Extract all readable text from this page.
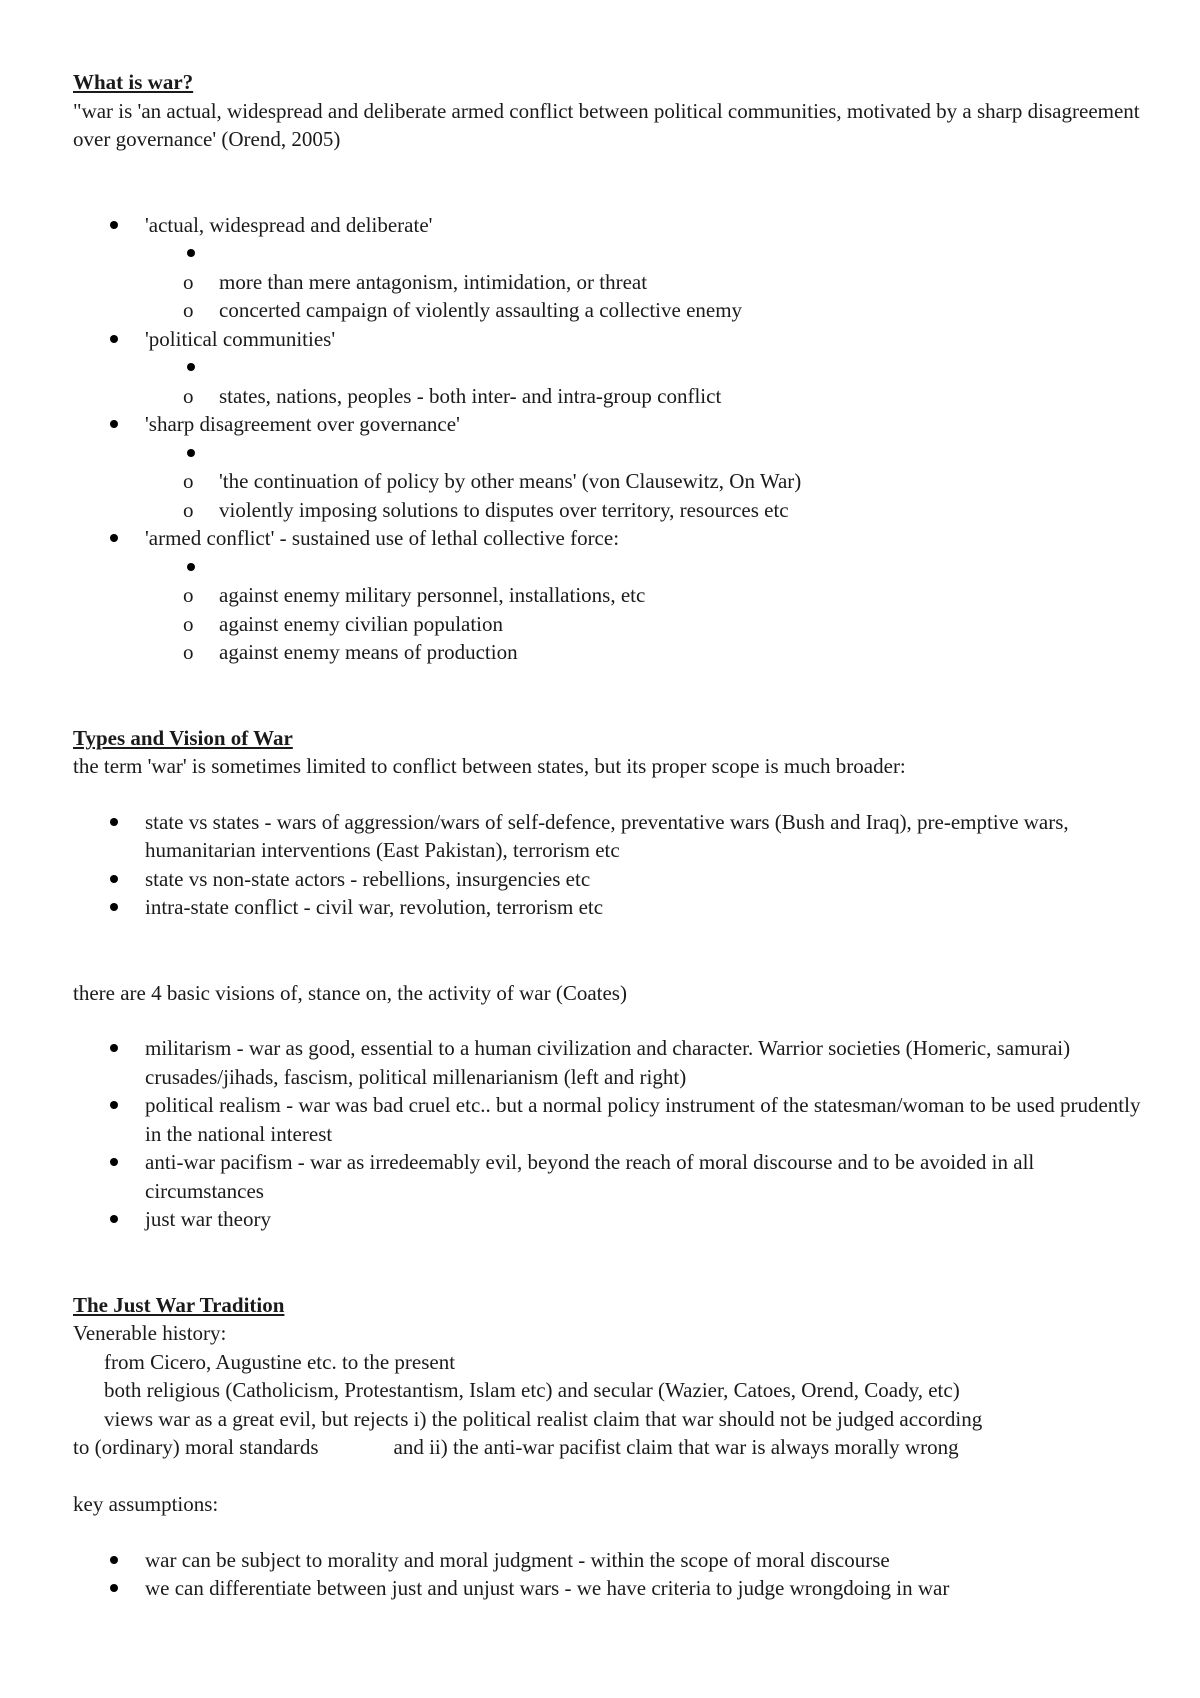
What is war?

"war is 'an actual, widespread and deliberate armed conflict between political communities, motivated by a sharp disagreement over governance' (Orend, 2005)

'actual, widespread and deliberate'
o more than mere antagonism, intimidation, or threat
o concerted campaign of violently assaulting a collective enemy
'political communities'
o states, nations, peoples - both inter- and intra-group conflict
'sharp disagreement over governance'
o 'the continuation of policy by other means' (von Clausewitz, On War)
o violently imposing solutions to disputes over territory, resources etc
'armed conflict' - sustained use of lethal collective force:
o against enemy military personnel, installations, etc
o against enemy civilian population
o against enemy means of production
Types and Vision of War

the term 'war' is sometimes limited to conflict between states, but its proper scope is much broader:

state vs states - wars of aggression/wars of self-defence, preventative wars (Bush and Iraq), pre-emptive wars, humanitarian interventions (East Pakistan), terrorism etc
state vs non-state actors - rebellions, insurgencies etc
intra-state conflict - civil war, revolution, terrorism etc

there are 4 basic visions of, stance on, the activity of war (Coates)

militarism - war as good, essential to a human civilization and character. Warrior societies (Homeric, samurai) crusades/jihads, fascism, political millenarianism (left and right)
political realism - war was bad cruel etc.. but a normal policy instrument of the statesman/woman to be used prudently in the national interest
anti-war pacifism - war as irredeemably evil, beyond the reach of moral discourse and to be avoided in all circumstances
just war theory
The Just War Tradition

Venerable history:

from Cicero, Augustine etc. to the present

both religious (Catholicism, Protestantism, Islam etc) and secular (Wazier, Catoes, Orend, Coady, etc)

views war as a great evil, but rejects i) the political realist claim that war should not be judged according

to (ordinary) moral standards	and ii) the anti-war pacifist claim that war is always morally wrong

key assumptions:

war can be subject to morality and moral judgment - within the scope of moral discourse
we can differentiate between just and unjust wars - we have criteria to judge wrongdoing in war
